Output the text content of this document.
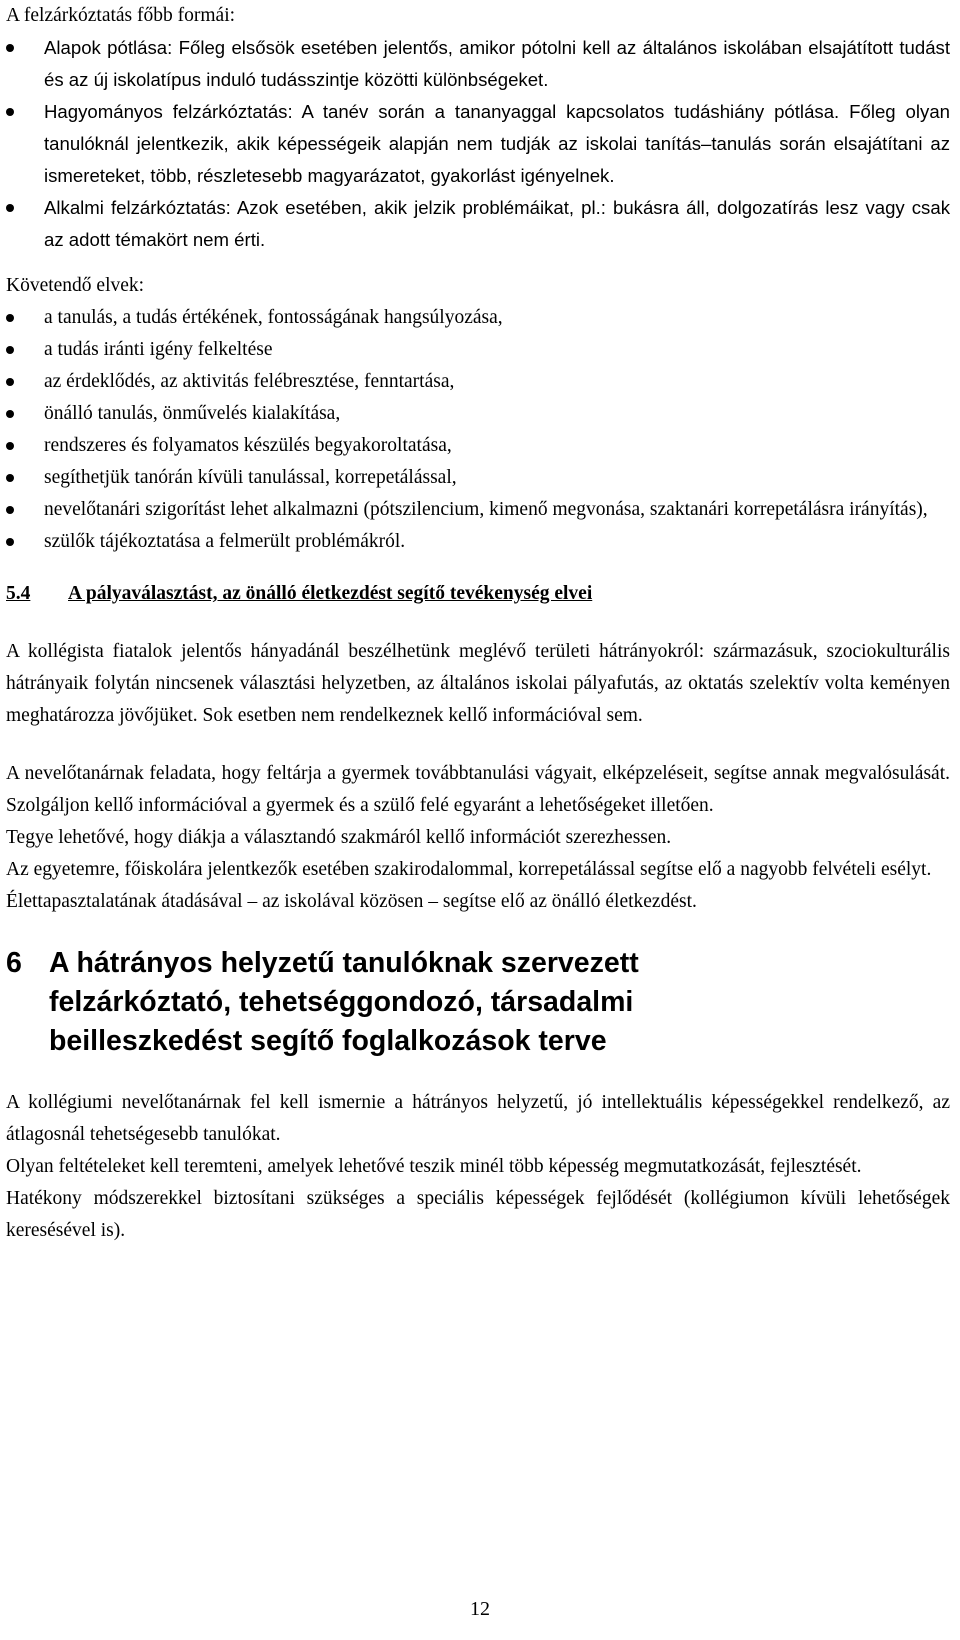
A felzárkóztatás főbb formái:

Alapok pótlása: Főleg elsősök esetében jelentős, amikor pótolni kell az általános iskolában elsajátított tudást és az új iskolatípus induló tudásszintje közötti különbségeket.
Hagyományos felzárkóztatás: A tanév során a tananyaggal kapcsolatos tudáshiány pótlása. Főleg olyan tanulóknál jelentkezik, akik képességeik alapján nem tudják az iskolai tanítás–tanulás során elsajátítani az ismereteket, több, részletesebb magyarázatot, gyakorlást igényelnek.
Alkalmi felzárkóztatás: Azok esetében, akik jelzik problémáikat, pl.: bukásra áll, dolgozatírás lesz vagy csak az adott témakört nem érti.

Követendő elvek:

a tanulás, a tudás értékének, fontosságának hangsúlyozása,
a tudás iránti igény felkeltése
az érdeklődés, az aktivitás felébresztése, fenntartása,
önálló tanulás, önművelés kialakítása,
rendszeres és folyamatos készülés begyakoroltatása,
segíthetjük tanórán kívüli tanulással, korrepetálással,
nevelőtanári szigorítást lehet alkalmazni (pótszilencium, kimenő megvonása, szaktanári korrepetálásra irányítás),
szülők tájékoztatása a felmerült problémákról.
5.4	A pályaválasztást, az önálló életkezdést segítő tevékenység elvei

A kollégista fiatalok jelentős hányadánál beszélhetünk meglévő területi hátrányokról: származásuk, szociokulturális hátrányaik folytán nincsenek választási helyzetben, az általános iskolai pályafutás, az oktatás szelektív volta keményen meghatározza jövőjüket. Sok esetben nem rendelkeznek kellő információval sem.

A nevelőtanárnak feladata, hogy feltárja a gyermek továbbtanulási vágyait, elképzeléseit, segítse annak megvalósulását. Szolgáljon kellő információval a gyermek és a szülő felé egyaránt a lehetőségeket illetően.

Tegye lehetővé, hogy diákja a választandó szakmáról kellő információt szerezhessen.

Az egyetemre, főiskolára jelentkezők esetében szakirodalommal, korrepetálással segítse elő a nagyobb felvételi esélyt.

Élettapasztalatának átadásával – az iskolával közösen – segítse elő az önálló életkezdést.

6 A hátrányos helyzetű tanulóknak szervezett felzárkóztató, tehetséggondozó, társadalmi beilleszkedést segítő foglalkozások terve

A kollégiumi nevelőtanárnak fel kell ismernie a hátrányos helyzetű, jó intellektuális képességekkel rendelkező, az átlagosnál tehetségesebb tanulókat.

Olyan feltételeket kell teremteni, amelyek lehetővé teszik minél több képesség megmutatkozását, fejlesztését.

Hatékony módszerekkel biztosítani szükséges a speciális képességek fejlődését (kollégiumon kívüli lehetőségek keresésével is).

12
